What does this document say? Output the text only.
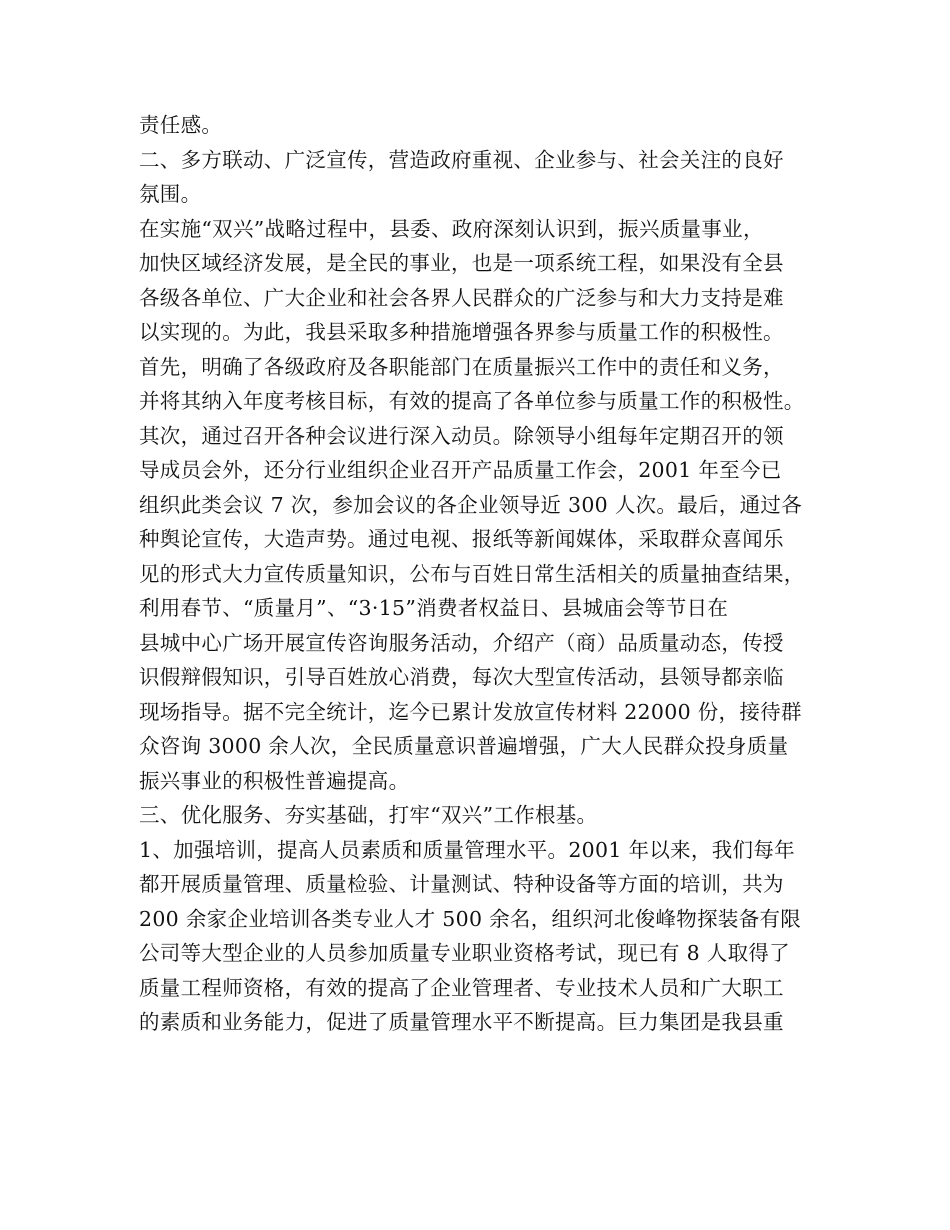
责任感。
二、多方联动、广泛宣传，营造政府重视、企业参与、社会关注的良好
氛围。
在实施“双兴”战略过程中，县委、政府深刻认识到，振兴质量事业，
加快区域经济发展，是全民的事业，也是一项系统工程，如果没有全县
各级各单位、广大企业和社会各界人民群众的广泛参与和大力支持是难
以实现的。为此，我县采取多种措施增强各界参与质量工作的积极性。
首先，明确了各级政府及各职能部门在质量振兴工作中的责任和义务，
并将其纳入年度考核目标，有效的提高了各单位参与质量工作的积极性。
其次，通过召开各种会议进行深入动员。除领导小组每年定期召开的领
导成员会外，还分行业组织企业召开产品质量工作会，2001 年至今已
组织此类会议 7 次，参加会议的各企业领导近 300 人次。最后，通过各
种舆论宣传，大造声势。通过电视、报纸等新闻媒体，采取群众喜闻乐
见的形式大力宣传质量知识，公布与百姓日常生活相关的质量抽查结果，
利用春节、“质量月”、“3·15”消费者权益日、县城庙会等节日在
县城中心广场开展宣传咨询服务活动，介绍产（商）品质量动态，传授
识假辩假知识，引导百姓放心消费，每次大型宣传活动，县领导都亲临
现场指导。据不完全统计，迄今已累计发放宣传材料 22000 份，接待群
众咨询 3000 余人次，全民质量意识普遍增强，广大人民群众投身质量
振兴事业的积极性普遍提高。
三、优化服务、夯实基础，打牢“双兴”工作根基。
1、加强培训，提高人员素质和质量管理水平。2001 年以来，我们每年
都开展质量管理、质量检验、计量测试、特种设备等方面的培训，共为
200 余家企业培训各类专业人才 500 余名，组织河北俊峰物探装备有限
公司等大型企业的人员参加质量专业职业资格考试，现已有 8 人取得了
质量工程师资格，有效的提高了企业管理者、专业技术人员和广大职工
的素质和业务能力，促进了质量管理水平不断提高。巨力集团是我县重
